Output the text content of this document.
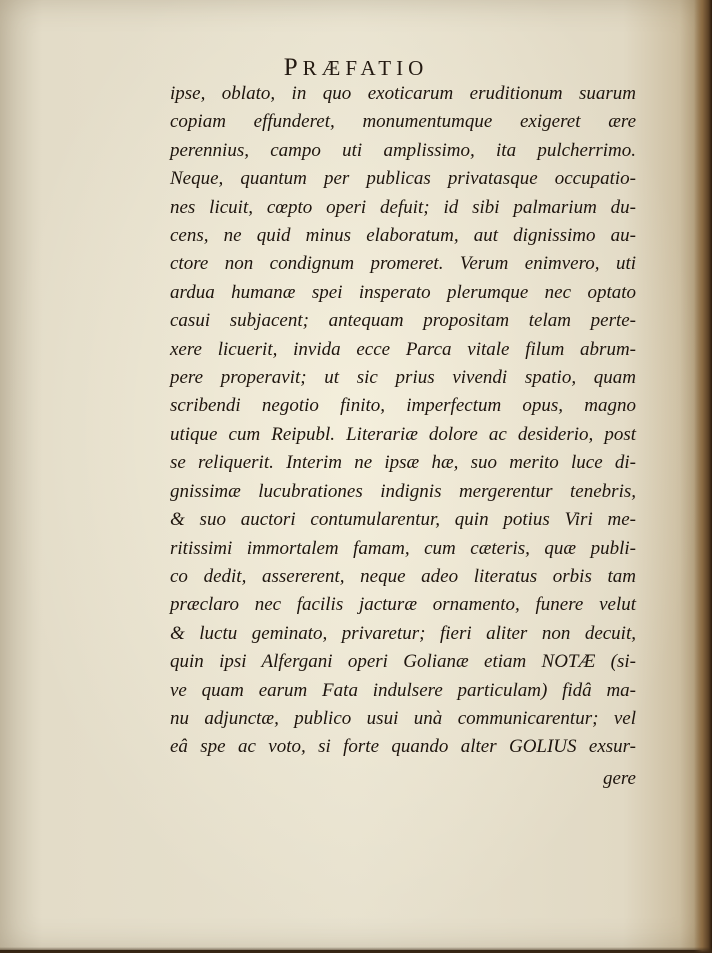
PRÆFATIO
ipse, oblato, in quo exoticarum eruditionum suarum
copiam effunderet, monumentumque exigeret ære
perennius, campo uti amplissimo, ita pulcherrimo.
Neque, quantum per publicas privatasque occupatio-
nes licuit, cœpto operi defuit; id sibi palmarium du-
cens, ne quid minus elaboratum, aut dignissimo au-
ctore non condignum promeret. Verum enimvero, uti
ardua humanæ spei insperato plerumque nec optato
casui subjacent; antequam propositam telam perte-
xere licuerit, invida ecce Parca vitale filum abrum-
pere properavit; ut sic prius vivendi spatio, quam
scribendi negotio finito, imperfectum opus, magno
utique cum Reipubl. Literariæ dolore ac desiderio, post
se reliquerit. Interim ne ipsæ hæ, suo merito luce di-
gnissimæ lucubrationes indignis mergerentur tenebris,
& suo auctori contumularentur, quin potius Viri me-
ritissimi immortalem famam, cum cæteris, quæ publi-
co dedit, assererent, neque adeo literatus orbis tam
præclaro nec facilis jacturæ ornamento, funere velut
& luctu geminato, privaretur; fieri aliter non decuit,
quin ipsi Alfergani operi Golianæ etiam NOTÆ (si-
ve quam earum Fata indulsere particulam) fidâ ma-
nu adjunctæ, publico usui unà communicarentur; vel
eâ spe ac voto, si forte quando alter GOLIUS exsur-
gere
